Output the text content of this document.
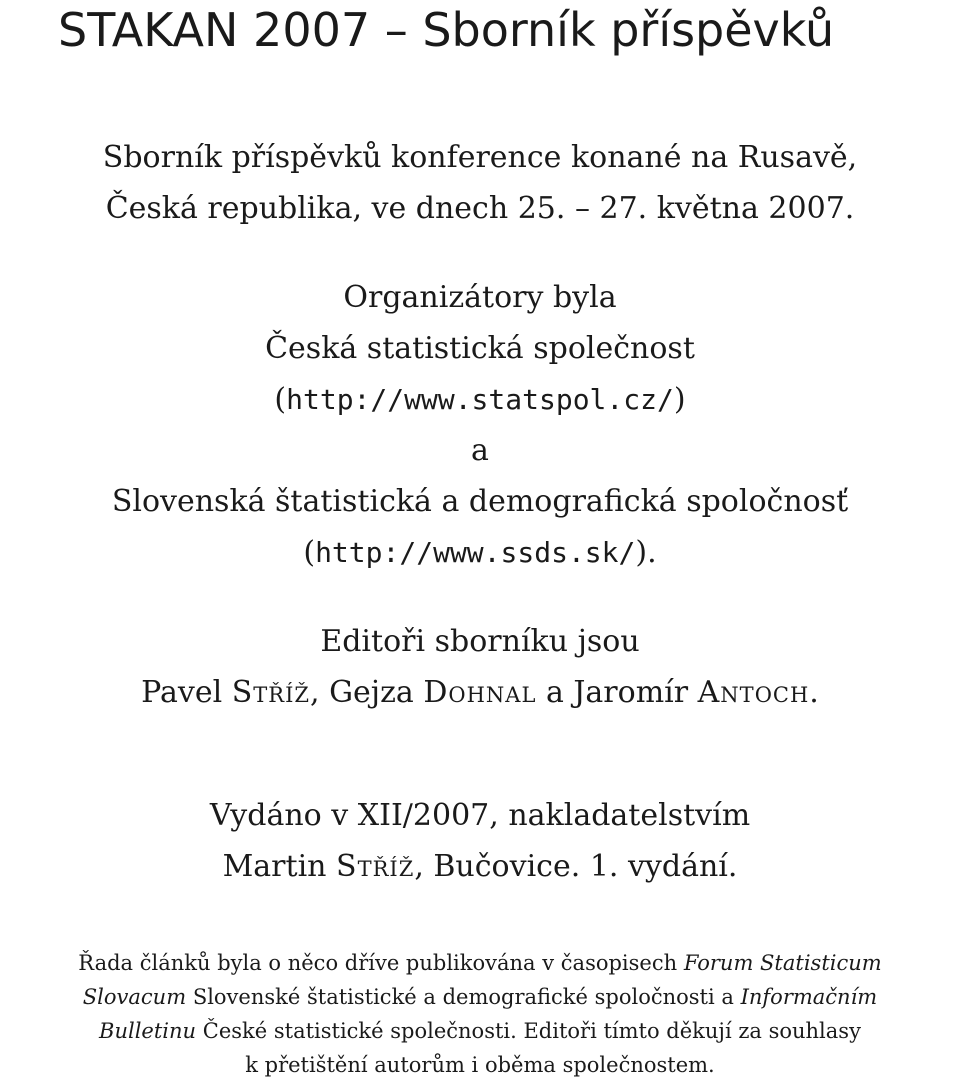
STAKAN 2007 – Sborník příspěvků
Sborník příspěvků konference konané na Rusavě,
Česká republika, ve dnech 25. – 27. května 2007.
Organizátory byla
Česká statistická společnost
(http://www.statspol.cz/)
a
Slovenská štatistická a demografická spoločnosť
(http://www.ssds.sk/).
Editoři sborníku jsou
Pavel Stříž, Gejza Dohnal a Jaromír Antoch.
Vydáno v XII/2007, nakladatelstvím
Martin Stříž, Bučovice. 1. vydání.
Řada článků byla o něco dříve publikována v časopisech Forum Statisticum
Slovacum Slovenské štatistické a demografické spoločnosti a Informačním
Bulletinu České statistické společnosti. Editoři tímto děkují za souhlasy
k přetištění autorům i oběma společnostem.
